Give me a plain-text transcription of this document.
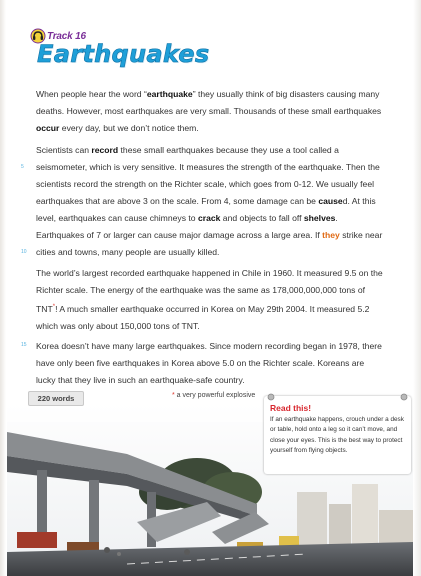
Track 16
Earthquakes
When people hear the word “earthquake” they usually think of big disasters causing many deaths. However, most earthquakes are very small. Thousands of these small earthquakes occur every day, but we don’t notice them.
Scientists can record these small earthquakes because they use a tool called a seismometer, which is very sensitive. It measures the strength of the earthquake. Then the scientists record the strength on the Richter scale, which goes from 0-12. We usually feel earthquakes that are above 3 on the scale. From 4, some damage can be caused. At this level, earthquakes can cause chimneys to crack and objects to fall off shelves. Earthquakes of 7 or larger can cause major damage across a large area. If they strike near cities and towns, many people are usually killed.
The world’s largest recorded earthquake happened in Chile in 1960. It measured 9.5 on the Richter scale. The energy of the earthquake was the same as 178,000,000,000 tons of TNT*! A much smaller earthquake occurred in Korea on May 29th 2004. It measured 5.2 which was only about 150,000 tons of TNT.
Korea doesn’t have many large earthquakes. Since modern recording began in 1978, there have only been five earthquakes in Korea above 5.0 on the Richter scale. Koreans are lucky that they live in such an earthquake-safe country.
5
10
15
220 words	* a very powerful explosive
Read this!
If an earthquake happens, crouch under a desk or table, hold onto a leg so it can’t move, and close your eyes. This is the best way to protect yourself from flying objects.
